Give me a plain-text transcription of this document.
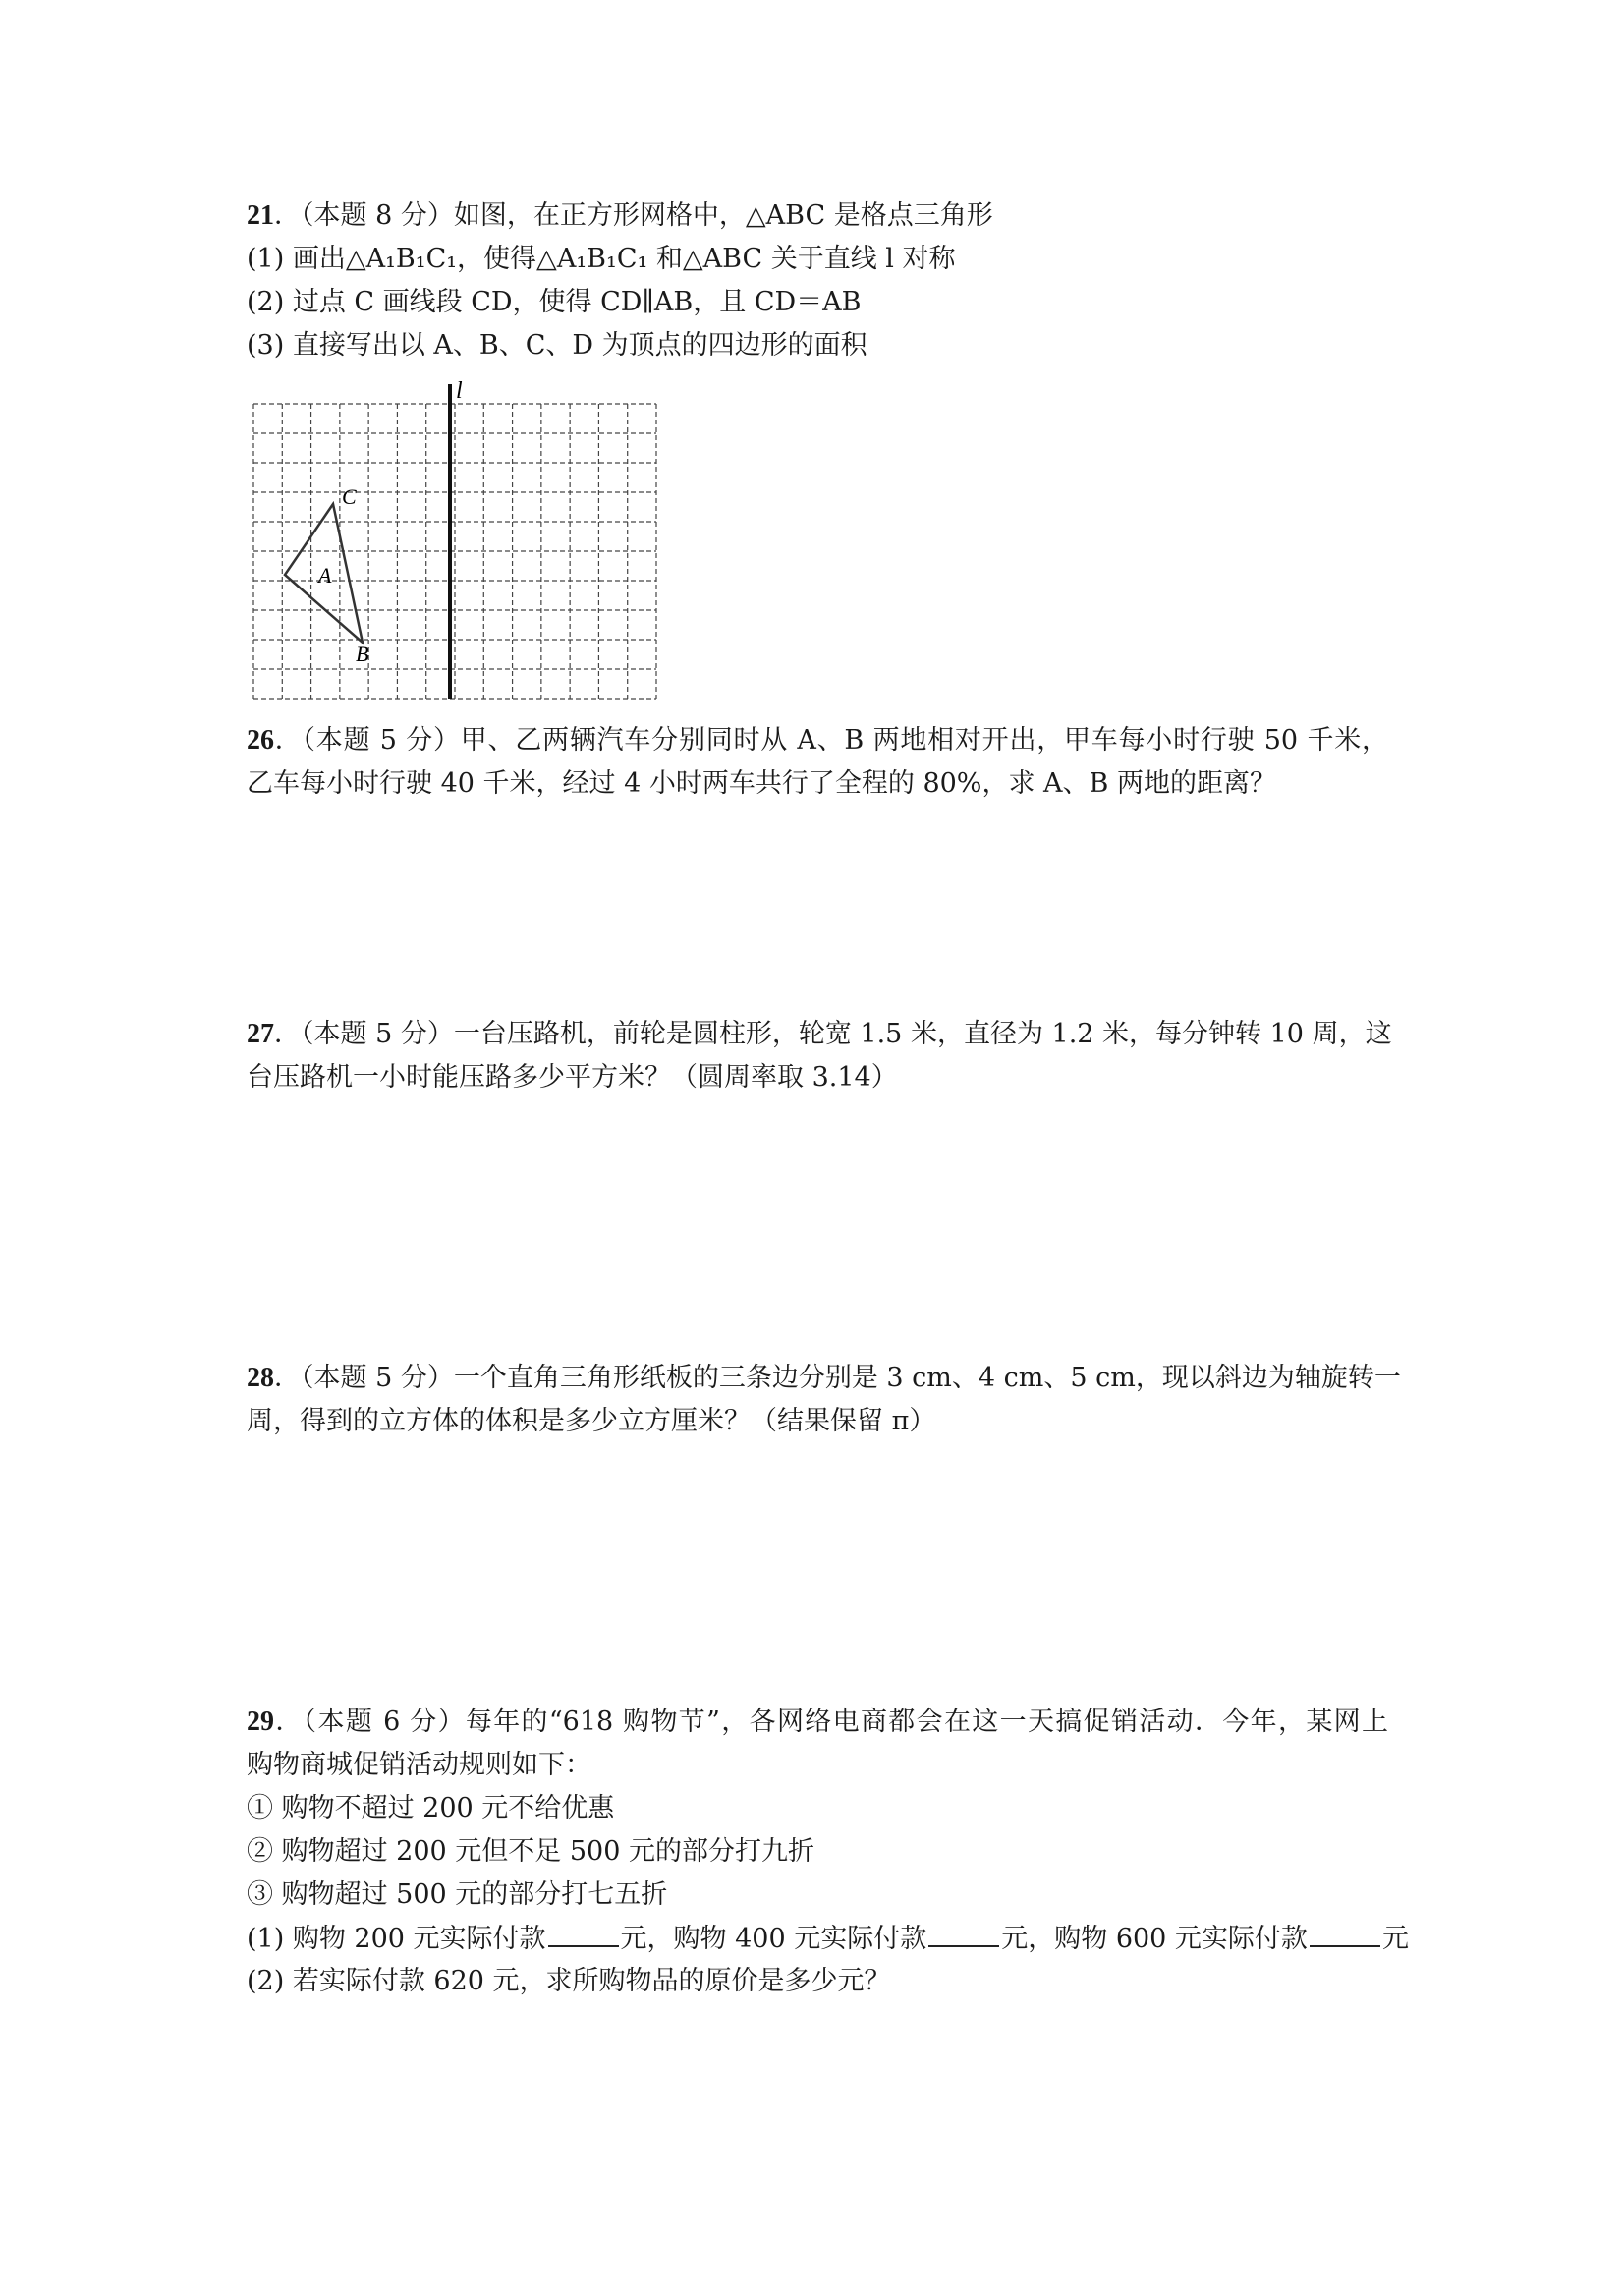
21．（本题 8 分）如图，在正方形网格中，△ABC 是格点三角形
(1) 画出△A₁B₁C₁，使得△A₁B₁C₁ 和△ABC 关于直线 l 对称
(2) 过点 C 画线段 CD，使得 CD∥AB，且 CD＝AB
(3) 直接写出以 A、B、C、D 为顶点的四边形的面积
l
C
A
B
26．（本题 5 分）甲、乙两辆汽车分别同时从 A、B 两地相对开出，甲车每小时行驶 50 千米，
乙车每小时行驶 40 千米，经过 4 小时两车共行了全程的 80%，求 A、B 两地的距离？
27．（本题 5 分）一台压路机，前轮是圆柱形，轮宽 1.5 米，直径为 1.2 米，每分钟转 10 周，这
台压路机一小时能压路多少平方米？（圆周率取 3.14）
28．（本题 5 分）一个直角三角形纸板的三条边分别是 3 cm、4 cm、5 cm，现以斜边为轴旋转一
周，得到的立方体的体积是多少立方厘米？（结果保留 π）
29．（本题 6 分）每年的“618 购物节”，各网络电商都会在这一天搞促销活动．今年，某网上
购物商城促销活动规则如下：
① 购物不超过 200 元不给优惠
② 购物超过 200 元但不足 500 元的部分打九折
③ 购物超过 500 元的部分打七五折
(1) 购物 200 元实际付款	元，购物 400 元实际付款	元，购物 600 元实际付款	元
(2) 若实际付款 620 元，求所购物品的原价是多少元？
